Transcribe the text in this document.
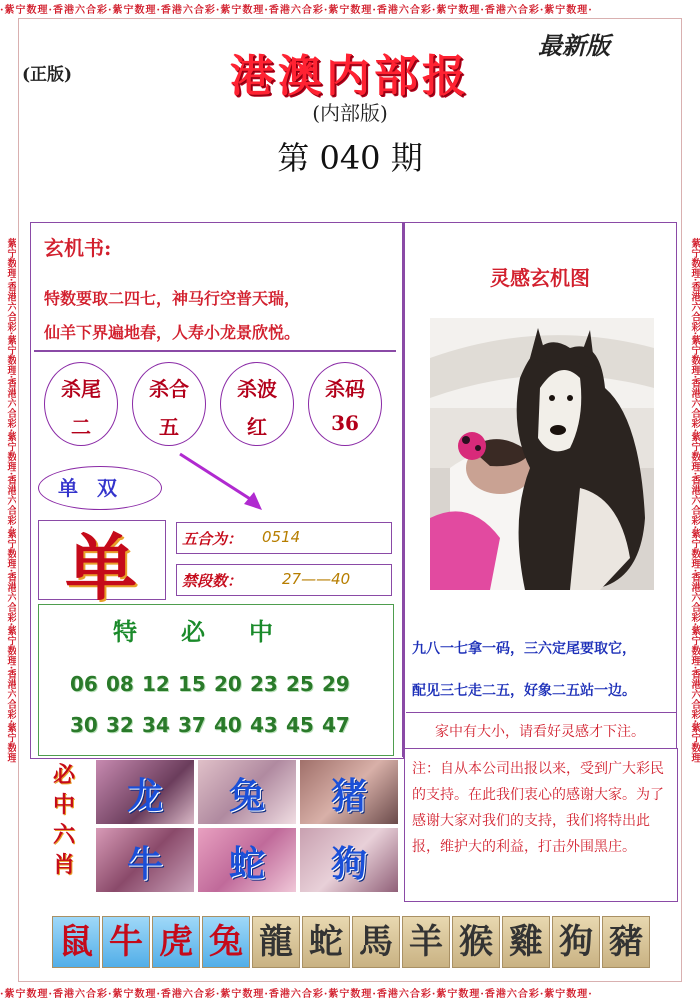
·紫宁数理·香港六合彩·紫宁数理·香港六合彩·紫宁数理·香港六合彩·紫宁数理·香港六合彩·紫宁数理·香港六合彩·紫宁数理·
·紫宁数理·香港六合彩·紫宁数理·香港六合彩·紫宁数理·香港六合彩·紫宁数理·香港六合彩·紫宁数理·香港六合彩·紫宁数理·
紫宁数理·香港六合彩·紫宁数理·香港六合彩·紫宁数理·香港六合彩·紫宁数理·香港六合彩·紫宁数理·香港六合彩·紫宁数理	紫宁数理·香港六合彩·紫宁数理·香港六合彩·紫宁数理·香港六合彩·紫宁数理·香港六合彩·紫宁数理·香港六合彩·紫宁数理
(正版)
最新版
港澳内部报
(内部版)
第 040 期
玄机书:
特数要取二四七，神马行空普天瑞，
仙羊下界遍地春，人寿小龙景欣悦。
杀尾
二
杀合
五
杀波
红
杀码
36
单 双
单	五合为： 0514
禁段数：	27——40
特必中
06 08 12 15 20 23 25 29
30 32 34 37 40 43 45 47
必中六肖
龙	兔	猪
牛	蛇	狗
灵感玄机图
九八一七拿一码，三六定尾要取它，
配见三七走二五，好象二五站一边。
家中有大小，请看好灵感才下注。
注：自从本公司出报以来，受到广大彩民的支持。在此我们衷心的感谢大家。为了感谢大家对我们的支持，我们将特出此报，维护大的利益，打击外围黑庄。
鼠 牛 虎 兔 龍 蛇 馬 羊 猴 雞 狗 豬
